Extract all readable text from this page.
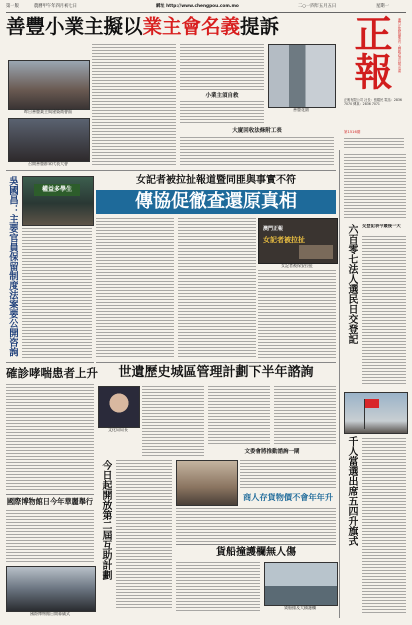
第一版	農曆甲午年四月初七日	網址 http://www.chengpou.com.mo	二○一四年五月五日	星期一
善豐小業主擬以業主會名義提訴	正報	澳門正報版權所有・轉載必須註明出處
正報有限公司 社長：張耀民 電話：2836 7070 傳真：2836 7071
第1516期
昨日善豐業主與建築商會面	善豐花園
召開善豐群眾代表大會
小業主須自救
大廈回收法條附工表
吳國昌：主要官員保留制度法案要公開咨詢	權益多學生
女記者被拉扯報道暨同匪與事實不符
傳協促徹查還原真相
澳門正報
女記者被拉扯
女記者被保安拉扯	六百零七法人選民日交登記 交登記表今最後一天
千人當選出席五四升旗式
確診哮喘患者上升
國際博物館日今年華麗舉行
國際博物館日開幕儀式
世遺歷史城區管理計劃下半年諮詢
文化局局長
文委會將推動諮詢一閘
今日起開放第二屆互助計劃	商人存貨物價不會年年升
貨船撞護欄無人傷
貨船撞及大橋護欄
